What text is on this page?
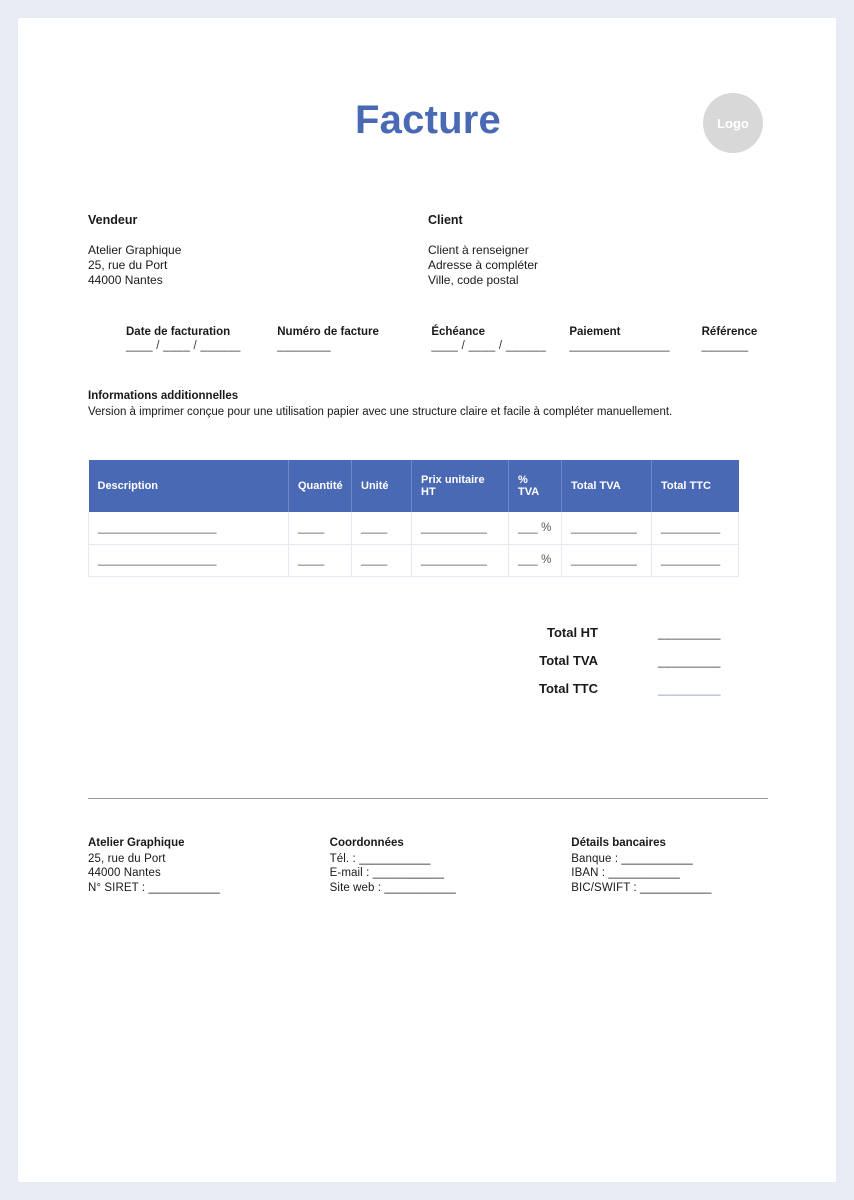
Facture	Logo
Vendeur
Atelier Graphique
25, rue du Port
44000 Nantes
Client
Client à renseigner
Adresse à compléter
Ville, code postal
Date de facturation
____ / ____ / ______
Numéro de facture
________
Échéance
____ / ____ / ______
Paiement
_______________
Référence
_______
Informations additionnelles
Version à imprimer conçue pour une utilisation papier avec une structure claire et facile à compléter manuellement.
Description	Quantité	Unité	Prix unitaire HT	% TVA	Total TVA	Total TTC
__________________	____	____	__________	___ %	__________	_________
__________________	____	____	__________	___ %	__________	_________
Total HT	_________
Total TVA	_________
Total TTC	_________
Atelier Graphique
25, rue du Port
44000 Nantes
N° SIRET : ___________
Coordonnées
Tél. : ___________
E-mail : ___________
Site web : ___________
Détails bancaires
Banque : ___________
IBAN : ___________
BIC/SWIFT : ___________
